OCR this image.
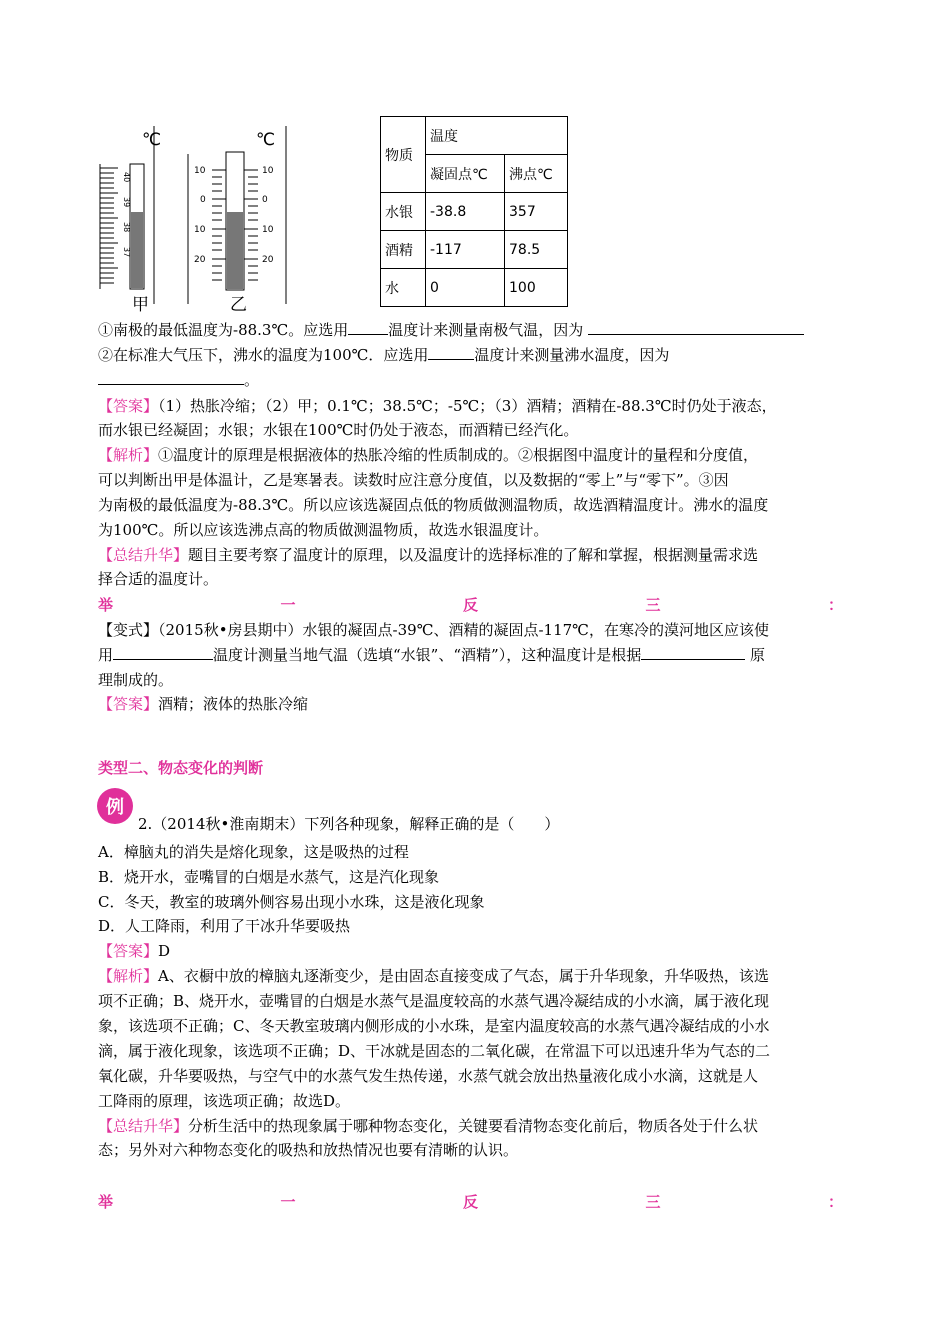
40
39
38
37
℃
甲
10
0
10
20
10
0
10
20
℃
乙
物质	温度	
	凝固点℃	沸点℃
水银	-38.8	357
酒精	-117	78.5
水	0	100
①南极的最低温度为-88.3℃。应选用	温度计来测量南极气温，因为
②在标准大气压下，沸水的温度为100℃．应选用	温度计来测量沸水温度，因为
。
【答案】（1）热胀冷缩；（2）甲；0.1℃；38.5℃；-5℃；（3）酒精；酒精在-88.3℃时仍处于液态，
而水银已经凝固；水银；水银在100℃时仍处于液态，而酒精已经汽化。
【解析】①温度计的原理是根据液体的热胀冷缩的性质制成的。②根据图中温度计的量程和分度值，
可以判断出甲是体温计，乙是寒暑表。读数时应注意分度值，以及数据的“零上”与“零下”。③因
为南极的最低温度为-88.3℃。所以应该选凝固点低的物质做测温物质，故选酒精温度计。沸水的温度
为100℃。所以应该选沸点高的物质做测温物质，故选水银温度计。
【总结升华】题目主要考察了温度计的原理，以及温度计的选择标准的了解和掌握，根据测量需求选
择合适的温度计。
举	一	反	三	：
【变式】（2015秋•房县期中）水银的凝固点-39℃、酒精的凝固点-117℃，在寒冷的漠河地区应该使
用	温度计测量当地气温（选填“水银”、“酒精”），这种温度计是根据	原
理制成的。
【答案】酒精；液体的热胀冷缩
类型二、物态变化的判断
例
2.（2014秋•淮南期末）下列各种现象，解释正确的是（　　）
A．樟脑丸的消失是熔化现象，这是吸热的过程
B．烧开水，壶嘴冒的白烟是水蒸气，这是汽化现象
C．冬天，教室的玻璃外侧容易出现小水珠，这是液化现象
D．人工降雨，利用了干冰升华要吸热
【答案】D
【解析】A、衣橱中放的樟脑丸逐渐变少，是由固态直接变成了气态，属于升华现象，升华吸热，该选
项不正确；B、烧开水，壶嘴冒的白烟是水蒸气是温度较高的水蒸气遇冷凝结成的小水滴，属于液化现
象，该选项不正确；C、冬天教室玻璃内侧形成的小水珠，是室内温度较高的水蒸气遇冷凝结成的小水
滴，属于液化现象，该选项不正确；D、干冰就是固态的二氧化碳，在常温下可以迅速升华为气态的二
氧化碳，升华要吸热，与空气中的水蒸气发生热传递，水蒸气就会放出热量液化成小水滴，这就是人
工降雨的原理，该选项正确；故选D。
【总结升华】分析生活中的热现象属于哪种物态变化，关键要看清物态变化前后，物质各处于什么状
态；另外对六种物态变化的吸热和放热情况也要有清晰的认识。
举	一	反	三	：
